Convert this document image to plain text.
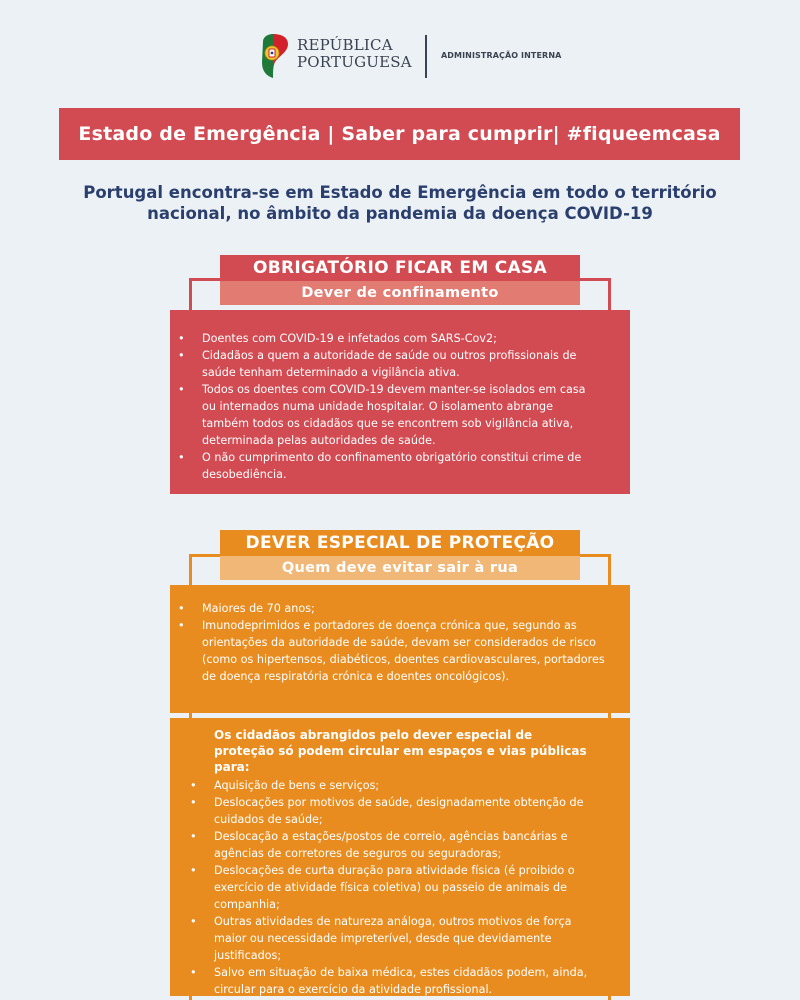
REPÚBLICA
PORTUGUESA	ADMINISTRAÇÃO INTERNA
Estado de Emergência | Saber para cumprir| #fiqueemcasa
Portugal encontra-se em Estado de Emergência em todo o território
nacional, no âmbito da pandemia da doença COVID-19
OBRIGATÓRIO FICAR EM CASA
Dever de confinamento
• Doentes com COVID-19 e infetados com SARS-Cov2;
• Cidadãos a quem a autoridade de saúde ou outros profissionais de saúde tenham determinado a vigilância ativa.
• Todos os doentes com COVID-19 devem manter-se isolados em casa ou internados numa unidade hospitalar. O isolamento abrange também todos os cidadãos que se encontrem sob vigilância ativa, determinada pelas autoridades de saúde.
• O não cumprimento do confinamento obrigatório constitui crime de desobediência.
DEVER ESPECIAL DE PROTEÇÃO
Quem deve evitar sair à rua
• Maiores de 70 anos;
• Imunodeprimidos e portadores de doença crónica que, segundo as orientações da autoridade de saúde, devam ser considerados de risco (como os hipertensos, diabéticos, doentes cardiovasculares, portadores de doença respiratória crónica e doentes oncológicos).
Os cidadãos abrangidos pelo dever especial de proteção só podem circular em espaços e vias públicas para:
• Aquisição de bens e serviços;
• Deslocações por motivos de saúde, designadamente obtenção de cuidados de saúde;
• Deslocação a estações/postos de correio, agências bancárias e agências de corretores de seguros ou seguradoras;
• Deslocações de curta duração para atividade física (é proibido o exercício de atividade física coletiva) ou passeio de animais de companhia;
• Outras atividades de natureza análoga, outros motivos de força maior ou necessidade impreterível, desde que devidamente justificados;
• Salvo em situação de baixa médica, estes cidadãos podem, ainda, circular para o exercício da atividade profissional.
